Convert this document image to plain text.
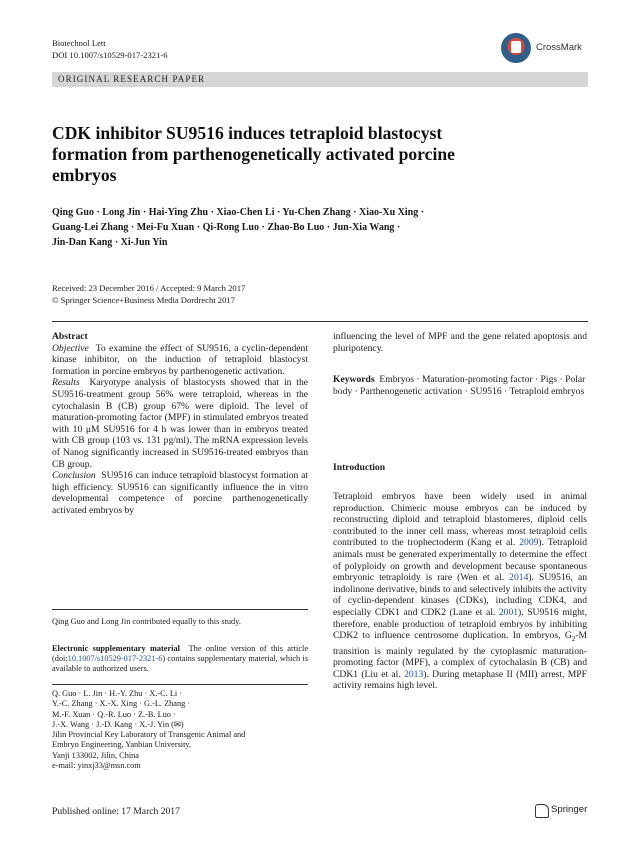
Biotechnol Lett
DOI 10.1007/s10529-017-2321-6
CrossMark
ORIGINAL RESEARCH PAPER
CDK inhibitor SU9516 induces tetraploid blastocyst
formation from parthenogenetically activated porcine
embryos
Qing Guo · Long Jin · Hai-Ying Zhu · Xiao-Chen Li · Yu-Chen Zhang · Xiao-Xu Xing ·
Guang-Lei Zhang · Mei-Fu Xuan · Qi-Rong Luo · Zhao-Bo Luo · Jun-Xia Wang ·
Jin-Dan Kang · Xi-Jun Yin
Received: 23 December 2016 / Accepted: 9 March 2017
© Springer Science+Business Media Dordrecht 2017

Abstract

Objective To examine the effect of SU9516, a cyclin-dependent kinase inhibitor, on the induction of tetraploid blastocyst formation in porcine embryos by parthenogenetic activation.

Results Karyotype analysis of blastocysts showed that in the SU9516-treatment group 56% were tetraploid, whereas in the cytochalasin B (CB) group 67% were diploid. The level of maturation-promoting factor (MPF) in stimulated embryos treated with 10 μM SU9516 for 4 h was lower than in embryos treated with CB group (103 vs. 131 pg/ml). The mRNA expression levels of Nanog significantly increased in SU9516-treated embryos than CB group.

Conclusion SU9516 can induce tetraploid blastocyst formation at high efficiency. SU9516 can significantly influence the in vitro developmental competence of porcine parthenogenetically activated embryos by

Qing Guo and Long Jin contributed equally to this study.
Electronic supplementary material The online version of this article (doi:10.1007/s10529-017-2321-6) contains supplementary material, which is available to authorized users.
Q. Guo · L. Jin · H.-Y. Zhu · X.-C. Li ·
Y.-C. Zhang · X.-X. Xing · G.-L. Zhang ·
M.-F. Xuan · Q.-R. Luo · Z.-B. Luo ·
J.-X. Wang · J.-D. Kang · X.-J. Yin (✉)
Jilin Provincial Key Laboratory of Transgenic Animal and
Embryo Engineering, Yanbian University,
Yanji 133002, Jilin, China
e-mail: yinxj33@msn.com
influencing the level of MPF and the gene related apoptosis and pluripotency.
Keywords Embryos · Maturation-promoting factor · Pigs · Polar body · Parthenogenetic activation · SU9516 · Tetraploid embryos
Introduction
Tetraploid embryos have been widely used in animal reproduction. Chimeric mouse embryos can be induced by reconstructing diploid and tetraploid blastomeres, diploid cells contributed to the inner cell mass, whereas most tetraploid cells contributed to the trophectoderm (Kang et al. 2009). Tetraploid animals must be generated experimentally to determine the effect of polyploidy on growth and development because spontaneous embryonic tetraploidy is rare (Wen et al. 2014). SU9516, an indolinone derivative, binds to and selectively inhibits the activity of cyclin-dependent kinases (CDKs), including CDK4, and especially CDK1 and CDK2 (Lane et al. 2001). SU9516 might, therefore, enable production of tetraploid embryos by inhibiting CDK2 to influence centrosome duplication. In embryos, $G_2-M$ transition is mainly regulated by the cytoplasmic maturation-promoting factor (MPF), a complex of cytochalasin B (CB) and CDK1 (Liu et al. 2013). During metaphase II (MII) arrest, MPF activity remains high level.
Published online: 17 March 2017	Springer
